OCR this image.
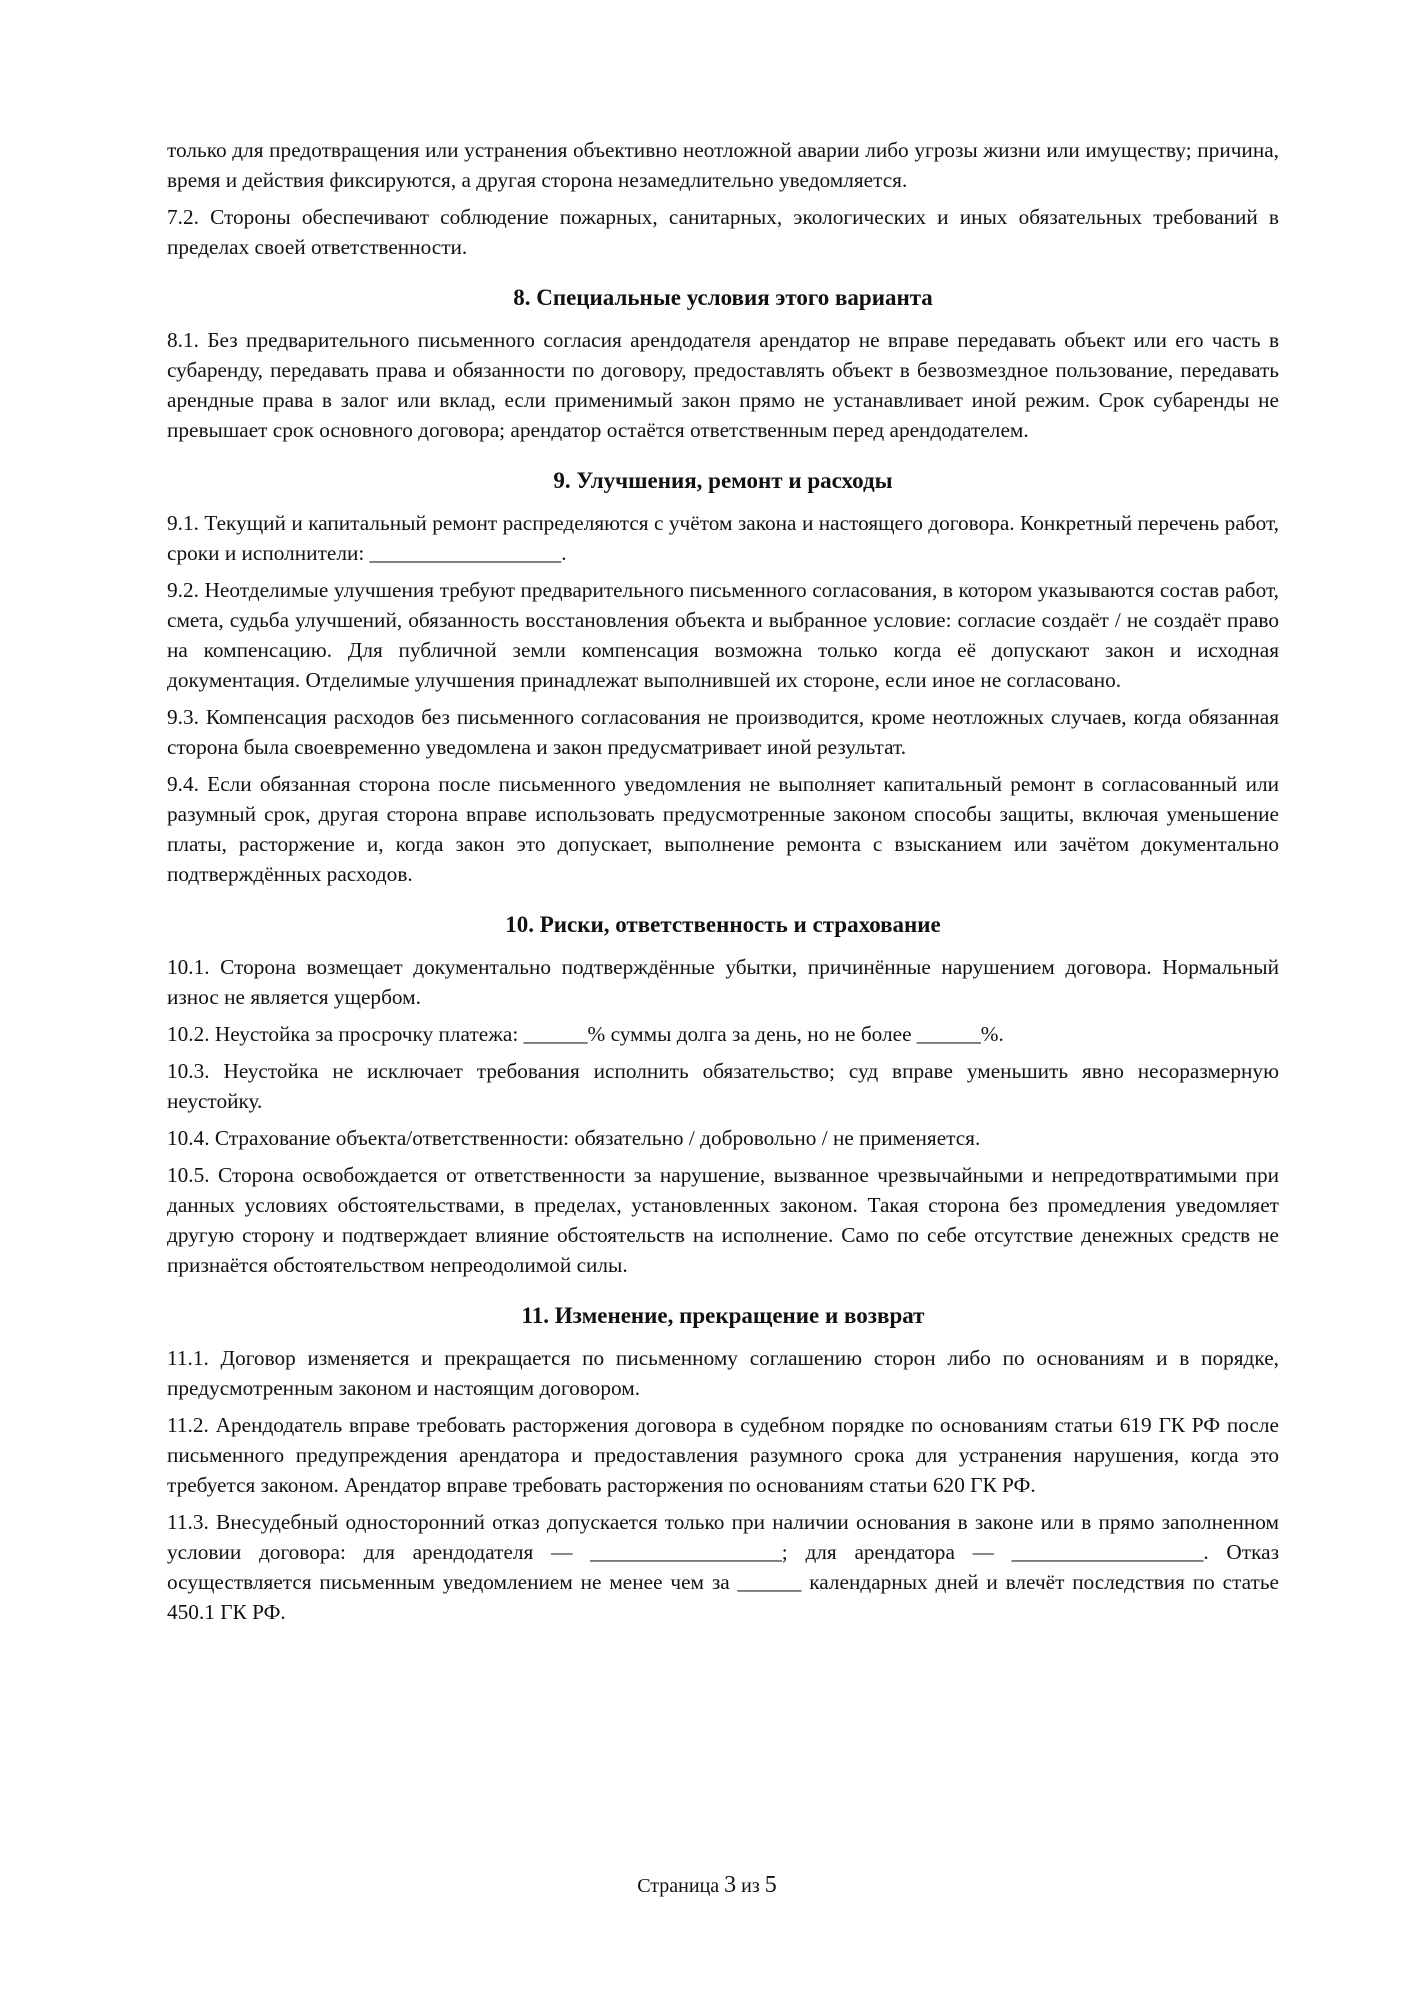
только для предотвращения или устранения объективно неотложной аварии либо угрозы жизни или имуществу; причина, время и действия фиксируются, а другая сторона незамедлительно уведомляется.

7.2. Стороны обеспечивают соблюдение пожарных, санитарных, экологических и иных обязательных требований в пределах своей ответственности.

8. Специальные условия этого варианта

8.1. Без предварительного письменного согласия арендодателя арендатор не вправе передавать объект или его часть в субаренду, передавать права и обязанности по договору, предоставлять объект в безвозмездное пользование, передавать арендные права в залог или вклад, если применимый закон прямо не устанавливает иной режим. Срок субаренды не превышает срок основного договора; арендатор остаётся ответственным перед арендодателем.

9. Улучшения, ремонт и расходы

9.1. Текущий и капитальный ремонт распределяются с учётом закона и настоящего договора. Конкретный перечень работ, сроки и исполнители: __________________.

9.2. Неотделимые улучшения требуют предварительного письменного согласования, в котором указываются состав работ, смета, судьба улучшений, обязанность восстановления объекта и выбранное условие: согласие создаёт / не создаёт право на компенсацию. Для публичной земли компенсация возможна только когда её допускают закон и исходная документация. Отделимые улучшения принадлежат выполнившей их стороне, если иное не согласовано.

9.3. Компенсация расходов без письменного согласования не производится, кроме неотложных случаев, когда обязанная сторона была своевременно уведомлена и закон предусматривает иной результат.

9.4. Если обязанная сторона после письменного уведомления не выполняет капитальный ремонт в согласованный или разумный срок, другая сторона вправе использовать предусмотренные законом способы защиты, включая уменьшение платы, расторжение и, когда закон это допускает, выполнение ремонта с взысканием или зачётом документально подтверждённых расходов.

10. Риски, ответственность и страхование

10.1. Сторона возмещает документально подтверждённые убытки, причинённые нарушением договора. Нормальный износ не является ущербом.

10.2. Неустойка за просрочку платежа: ______% суммы долга за день, но не более ______%.

10.3. Неустойка не исключает требования исполнить обязательство; суд вправе уменьшить явно несоразмерную неустойку.

10.4. Страхование объекта/ответственности: обязательно / добровольно / не применяется.

10.5. Сторона освобождается от ответственности за нарушение, вызванное чрезвычайными и непредотвратимыми при данных условиях обстоятельствами, в пределах, установленных законом. Такая сторона без промедления уведомляет другую сторону и подтверждает влияние обстоятельств на исполнение. Само по себе отсутствие денежных средств не признаётся обстоятельством непреодолимой силы.

11. Изменение, прекращение и возврат

11.1. Договор изменяется и прекращается по письменному соглашению сторон либо по основаниям и в порядке, предусмотренным законом и настоящим договором.

11.2. Арендодатель вправе требовать расторжения договора в судебном порядке по основаниям статьи 619 ГК РФ после письменного предупреждения арендатора и предоставления разумного срока для устранения нарушения, когда это требуется законом. Арендатор вправе требовать расторжения по основаниям статьи 620 ГК РФ.

11.3. Внесудебный односторонний отказ допускается только при наличии основания в законе или в прямо заполненном условии договора: для арендодателя — __________________; для арендатора — __________________. Отказ осуществляется письменным уведомлением не менее чем за ______ календарных дней и влечёт последствия по статье 450.1 ГК РФ.

Страница 3 из 5
